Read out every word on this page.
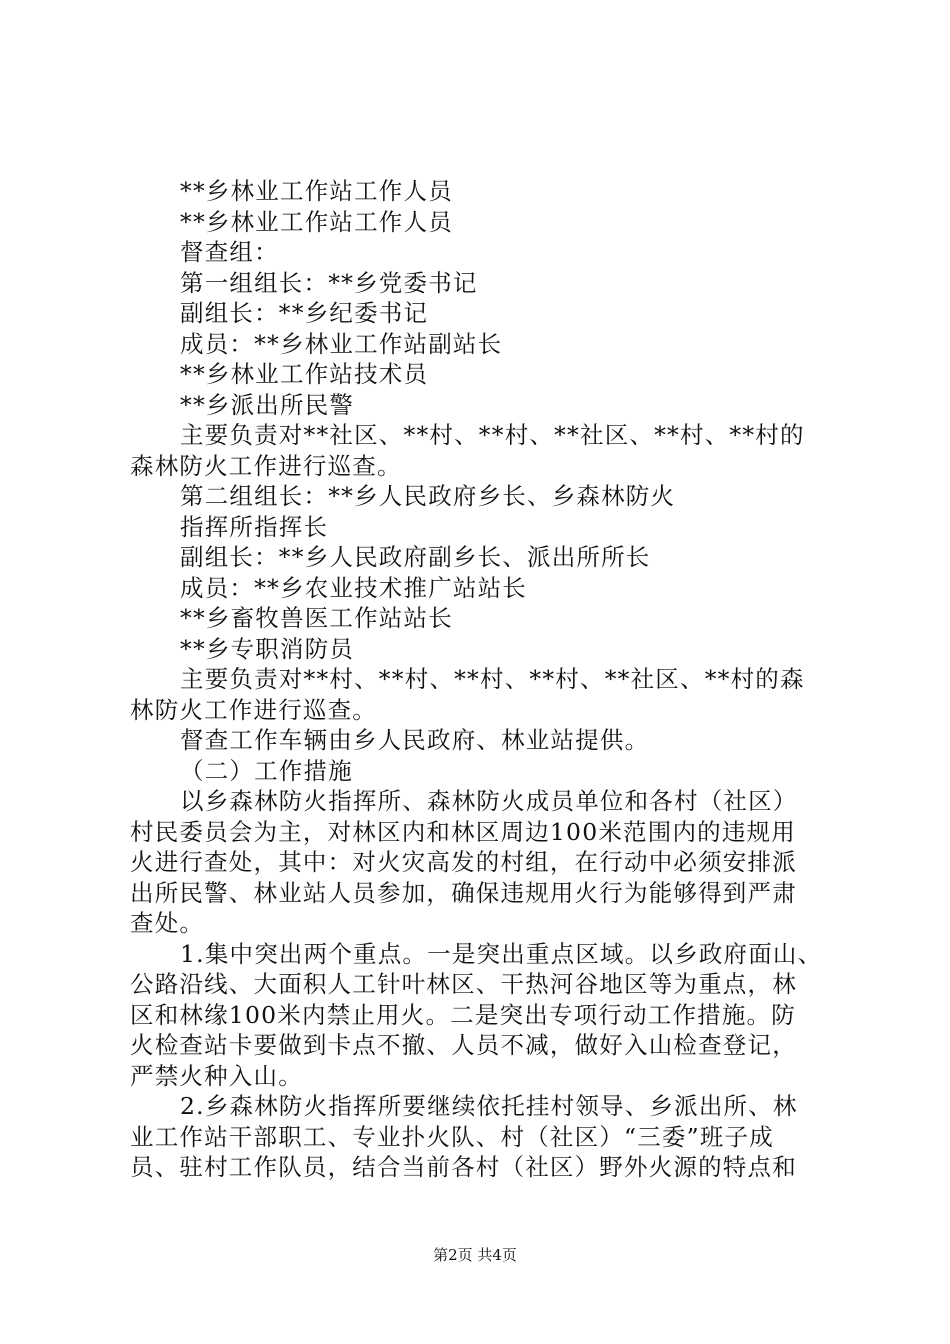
**乡林业工作站工作人员
**乡林业工作站工作人员
督查组：
第一组组长：**乡党委书记
副组长：**乡纪委书记
成员：**乡林业工作站副站长
**乡林业工作站技术员
**乡派出所民警
主要负责对**社区、**村、**村、**社区、**村、**村的
森林防火工作进行巡查。
第二组组长：**乡人民政府乡长、乡森林防火
指挥所指挥长
副组长：**乡人民政府副乡长、派出所所长
成员：**乡农业技术推广站站长
**乡畜牧兽医工作站站长
**乡专职消防员
主要负责对**村、**村、**村、**村、**社区、**村的森
林防火工作进行巡查。
督查工作车辆由乡人民政府、林业站提供。
（二）工作措施
以乡森林防火指挥所、森林防火成员单位和各村（社区）
村民委员会为主，对林区内和林区周边100米范围内的违规用
火进行查处，其中：对火灾高发的村组，在行动中必须安排派
出所民警、林业站人员参加，确保违规用火行为能够得到严肃
查处。
1.集中突出两个重点。一是突出重点区域。以乡政府面山、
公路沿线、大面积人工针叶林区、干热河谷地区等为重点，林
区和林缘100米内禁止用火。二是突出专项行动工作措施。防
火检查站卡要做到卡点不撤、人员不减，做好入山检查登记，
严禁火种入山。
2.乡森林防火指挥所要继续依托挂村领导、乡派出所、林
业工作站干部职工、专业扑火队、村（社区）“三委”班子成
员、驻村工作队员，结合当前各村（社区）野外火源的特点和
第2页 共4页
